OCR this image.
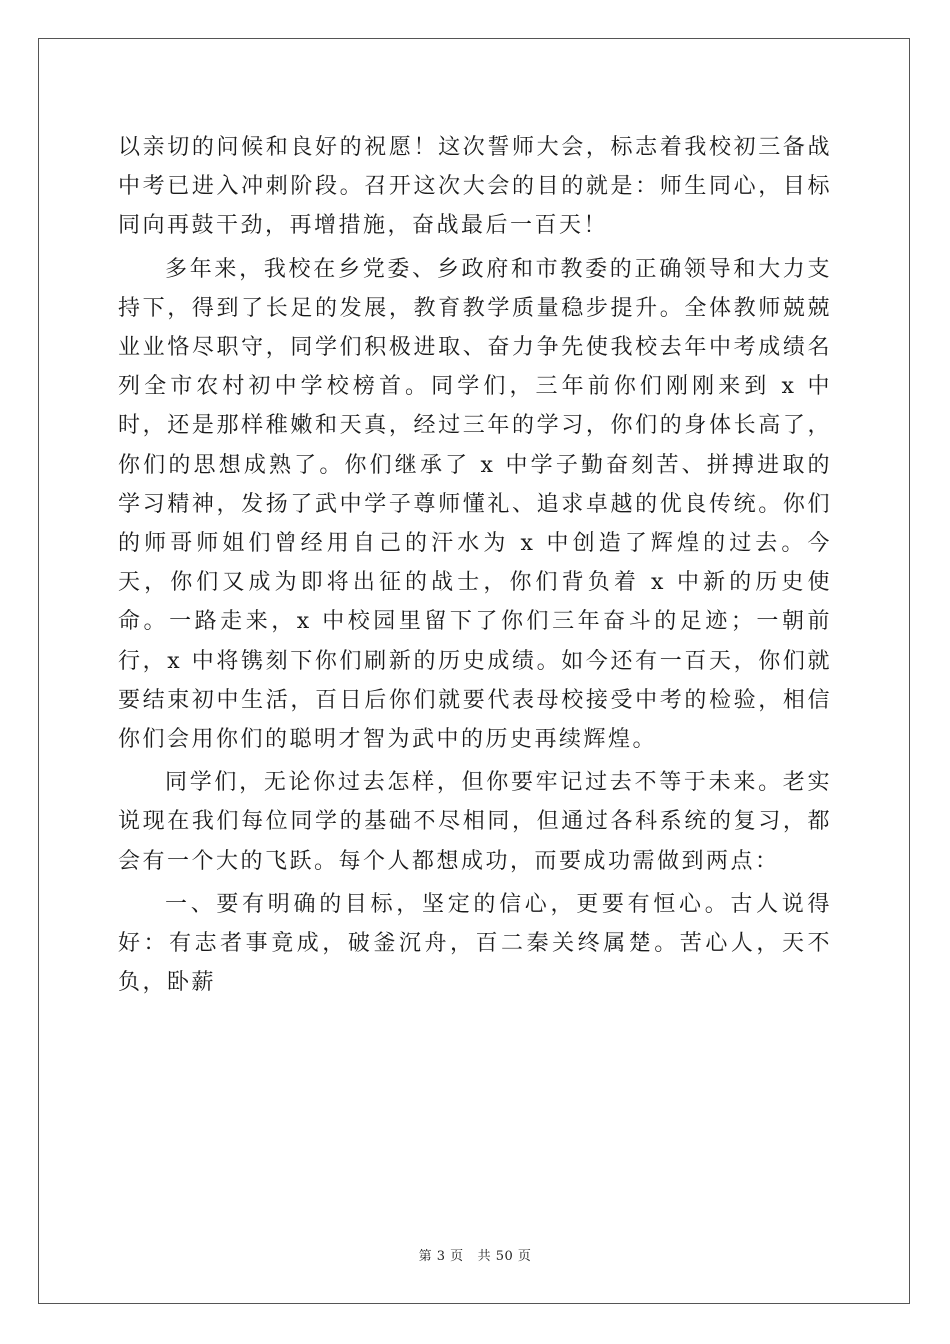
以亲切的问候和良好的祝愿！这次誓师大会，标志着我校初三备战中考已进入冲刺阶段。召开这次大会的目的就是：师生同心，目标同向再鼓干劲，再增措施，奋战最后一百天！

多年来，我校在乡党委、乡政府和市教委的正确领导和大力支持下，得到了长足的发展，教育教学质量稳步提升。全体教师兢兢业业恪尽职守，同学们积极进取、奋力争先使我校去年中考成绩名列全市农村初中学校榜首。同学们，三年前你们刚刚来到 x 中时，还是那样稚嫩和天真，经过三年的学习，你们的身体长高了，你们的思想成熟了。你们继承了 x 中学子勤奋刻苦、拼搏进取的学习精神，发扬了武中学子尊师懂礼、追求卓越的优良传统。你们的师哥师姐们曾经用自己的汗水为 x 中创造了辉煌的过去。今天，你们又成为即将出征的战士，你们背负着 x 中新的历史使命。一路走来，x 中校园里留下了你们三年奋斗的足迹；一朝前行，x 中将镌刻下你们刷新的历史成绩。如今还有一百天，你们就要结束初中生活，百日后你们就要代表母校接受中考的检验，相信你们会用你们的聪明才智为武中的历史再续辉煌。

同学们，无论你过去怎样，但你要牢记过去不等于未来。老实说现在我们每位同学的基础不尽相同，但通过各科系统的复习，都会有一个大的飞跃。每个人都想成功，而要成功需做到两点：

一、要有明确的目标，坚定的信心，更要有恒心。古人说得好：有志者事竟成，破釜沉舟，百二秦关终属楚。苦心人，天不负，卧薪

第 3 页 共 50 页
